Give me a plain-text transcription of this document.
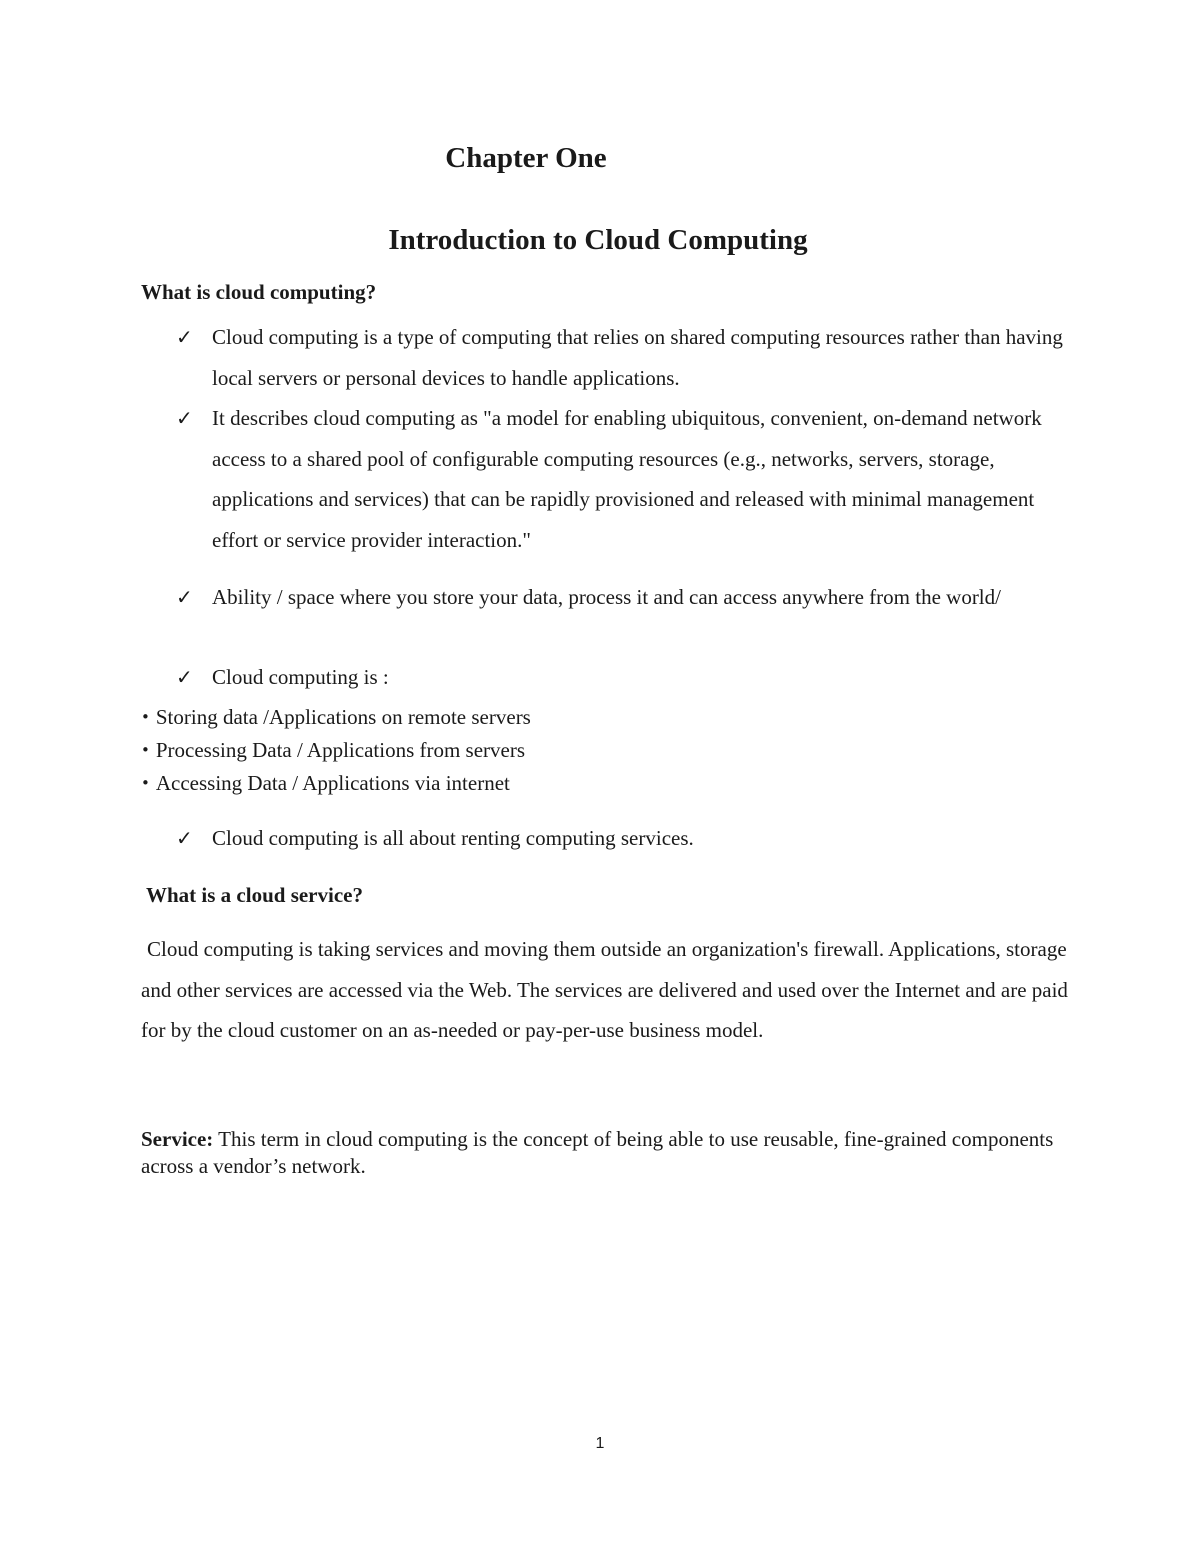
Chapter One
Introduction to Cloud Computing
What is cloud computing?
✓ Cloud computing is a type of computing that relies on shared computing resources rather than having local servers or personal devices to handle applications.
✓ It describes cloud computing as "a model for enabling ubiquitous, convenient, on-demand network access to a shared pool of configurable computing resources (e.g., networks, servers, storage, applications and services) that can be rapidly provisioned and released with minimal management effort or service provider interaction."
✓ Ability / space where you store your data, process it and can access anywhere from the world/
✓ Cloud computing is :
• Storing data /Applications on remote servers
• Processing Data / Applications from servers
• Accessing Data / Applications via internet
✓ Cloud computing is all about renting computing services.
What is a cloud service?

Cloud computing is taking services and moving them outside an organization's firewall. Applications, storage and other services are accessed via the Web. The services are delivered and used over the Internet and are paid for by the cloud customer on an as-needed or pay-per-use business model.

Service: This term in cloud computing is the concept of being able to use reusable, fine-grained components across a vendor’s network.

1
